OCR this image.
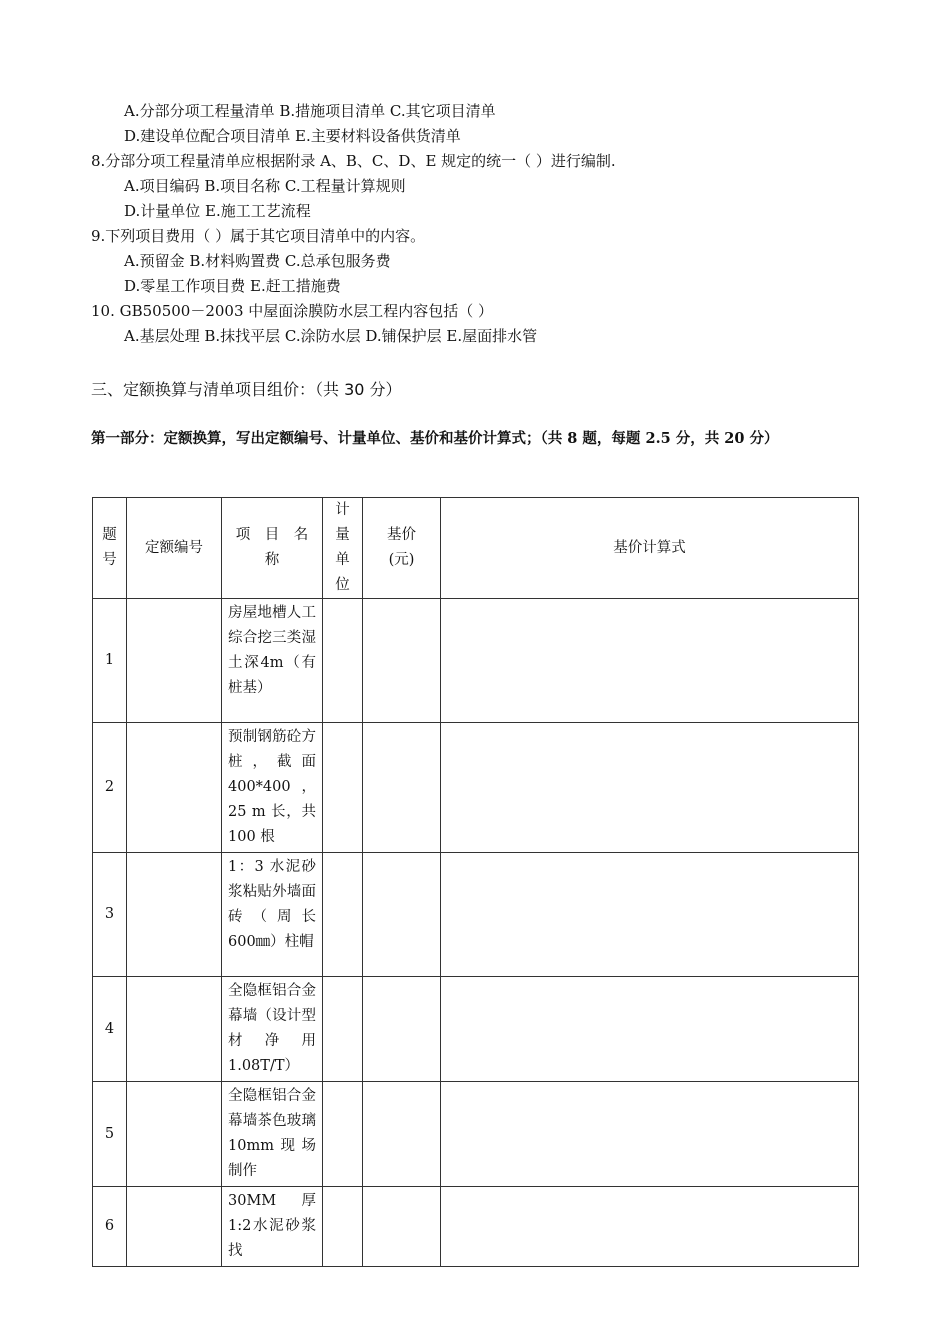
A.分部分项工程量清单 B.措施项目清单 C.其它项目清单
D.建设单位配合项目清单 E.主要材料设备供货清单
8.分部分项工程量清单应根据附录 A、B、C、D、E 规定的统一（ ）进行编制.
A.项目编码 B.项目名称 C.工程量计算规则
D.计量单位 E.施工工艺流程
9.下列项目费用（ ）属于其它项目清单中的内容。
A.预留金 B.材料购置费 C.总承包服务费
D.零星工作项目费 E.赶工措施费
10. GB50500－2003 中屋面涂膜防水层工程内容包括（ ）
A.基层处理 B.抹找平层 C.涂防水层 D.铺保护层 E.屋面排水管
三、定额换算与清单项目组价：（共 30 分）
第一部分：定额换算，写出定额编号、计量单位、基价和基价计算式；（共 8 题，每题 2.5 分，共 20 分）
题号	定额编号	项　目　名　称	计量单位	基价(元)	基价计算式
1		房屋地槽人工综合挖三类湿土深4m（有桩基）			
2		预制钢筋砼方桩，截面400*400，25 m 长，共100 根			
3		1：3 水泥砂浆粘贴外墙面砖（周长 600㎜）柱帽			
4		全隐框铝合金幕墙（设计型材净用1.08T/T）			
5		全隐框铝合金幕墙茶色玻璃 10mm现场制作			
6		30MM 厚 1:2水泥砂浆找			
